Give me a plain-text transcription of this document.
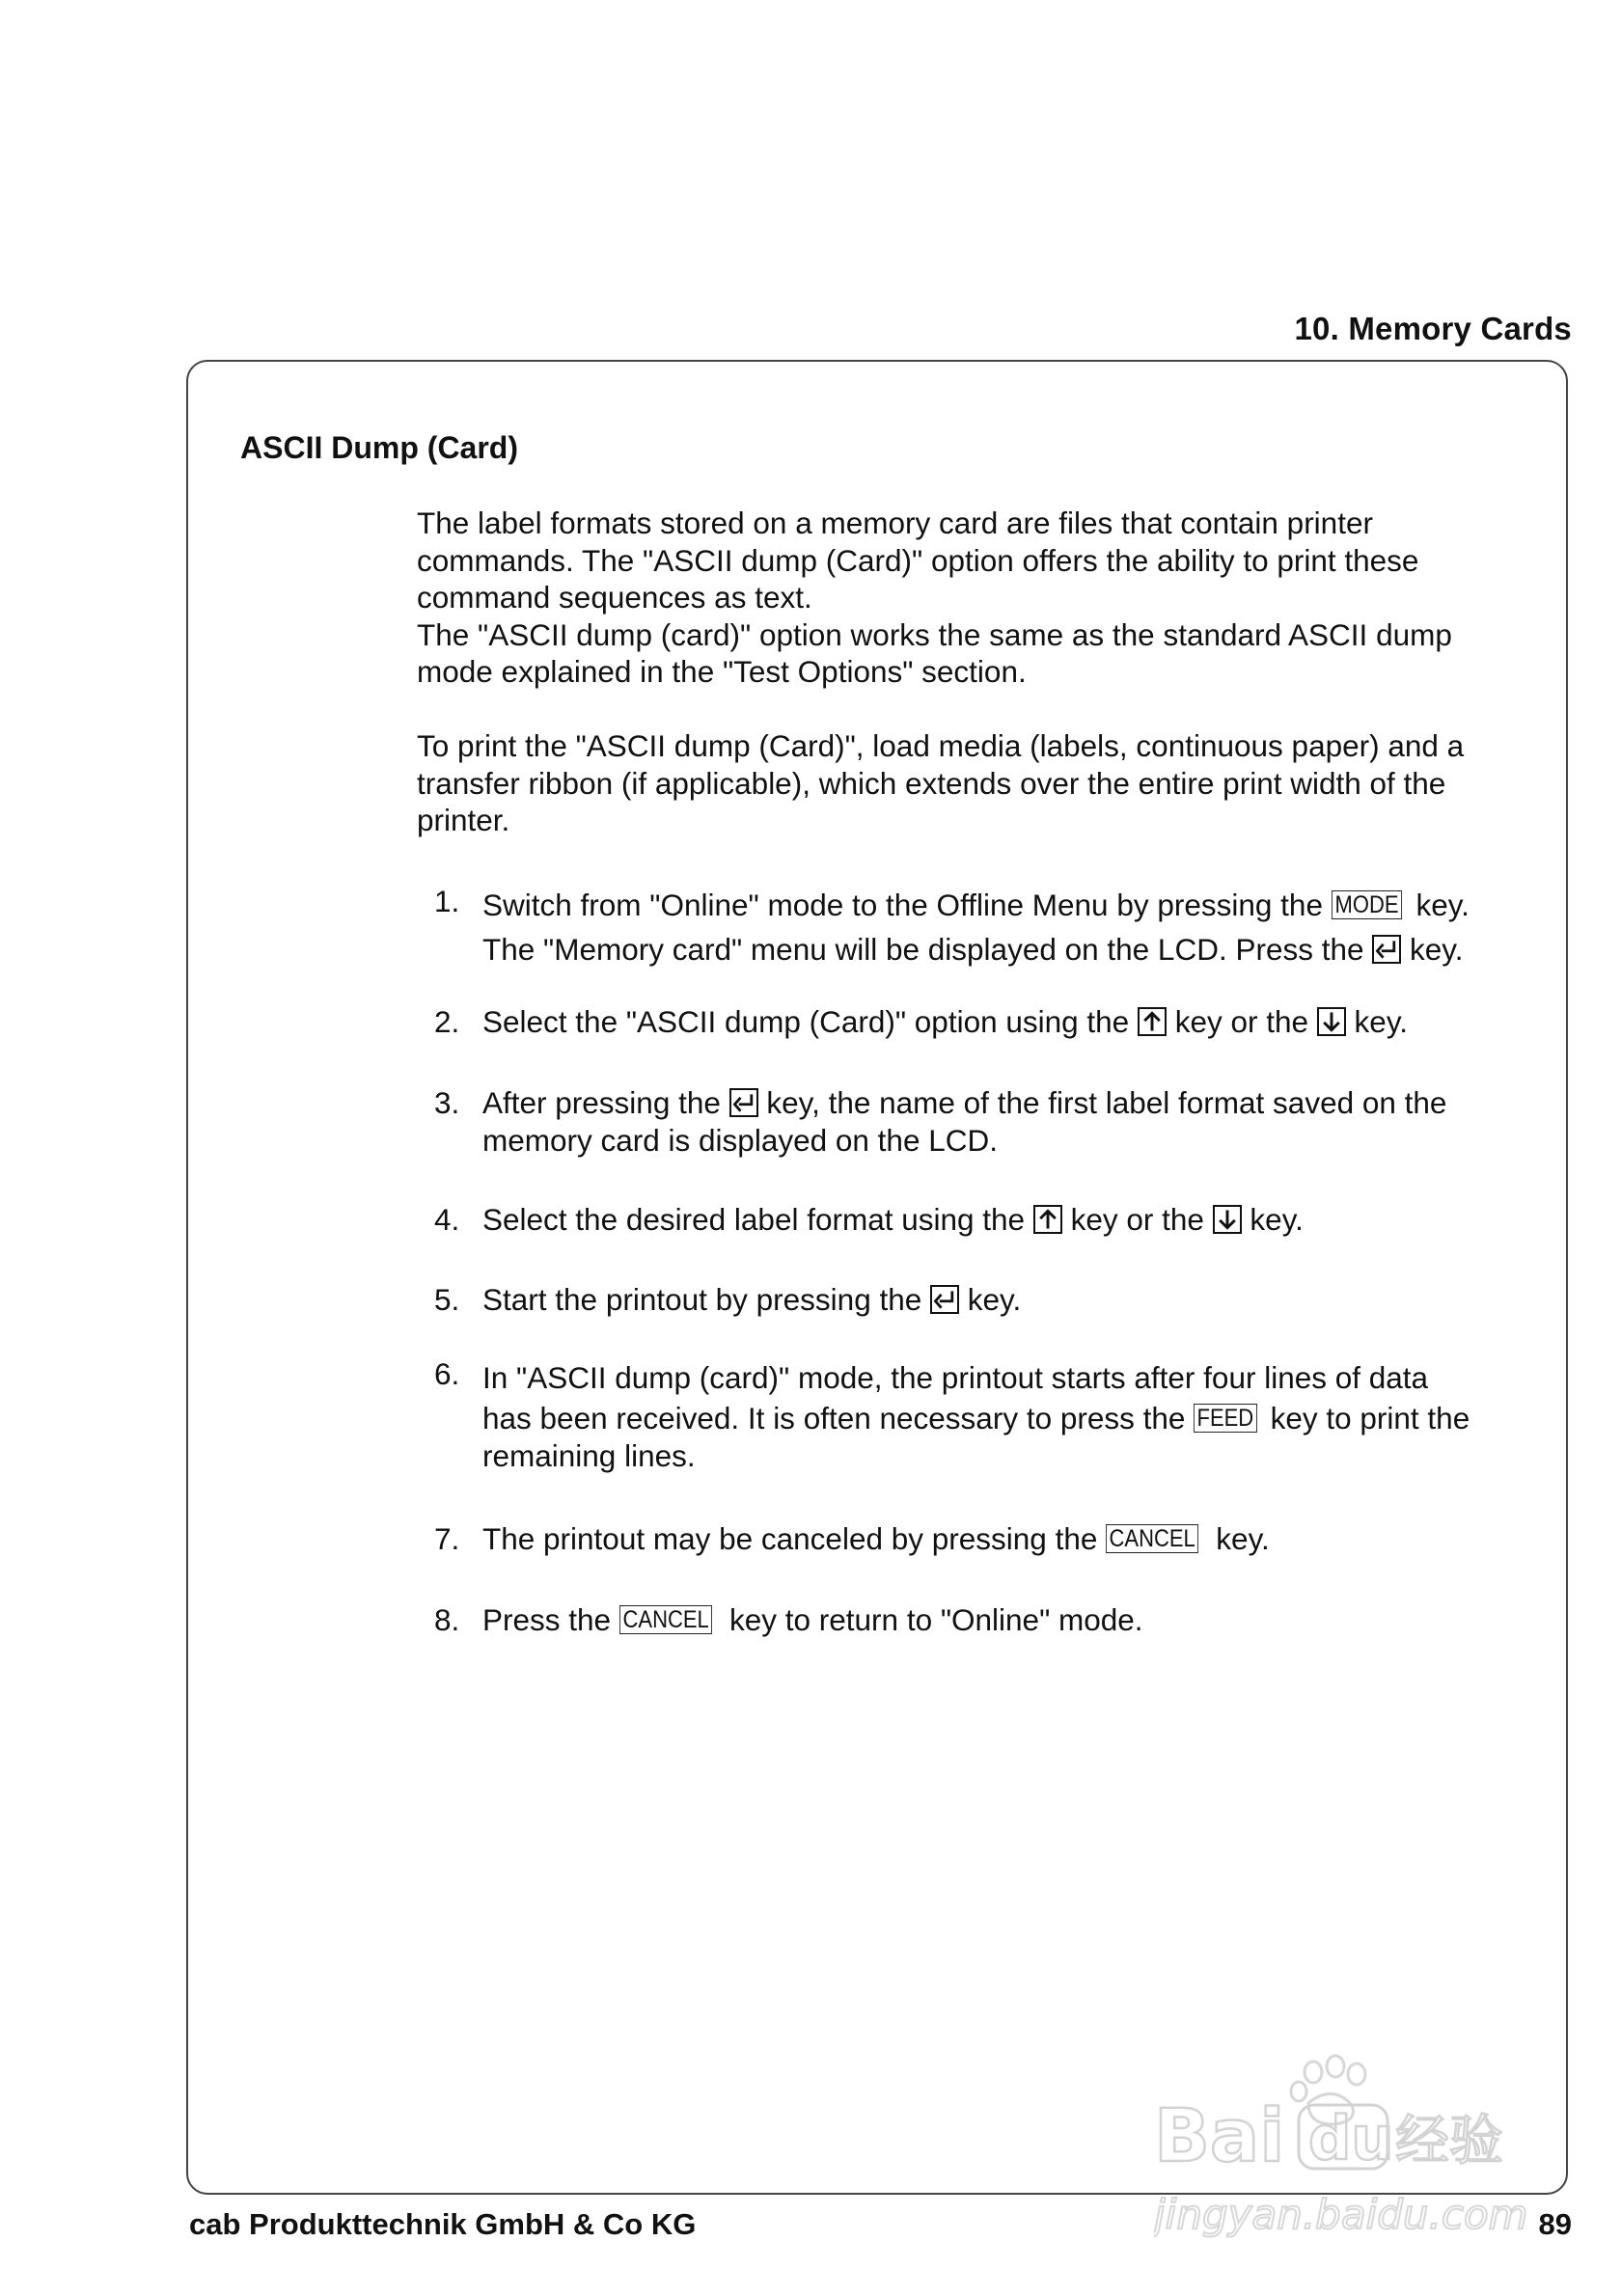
10. Memory Cards
ASCII Dump (Card)
The label formats stored on a memory card are files that contain printer
commands. The "ASCII dump (Card)" option offers the ability to print these
command sequences as text.
The "ASCII dump (card)" option works the same as the standard ASCII dump
mode explained in the "Test Options" section.
To print the "ASCII dump (Card)", load media (labels, continuous paper) and a
transfer ribbon (if applicable), which extends over the entire print width of the
printer.
1. Switch from "Online" mode to the Offline Menu by pressing the MODE key.
The "Memory card" menu will be displayed on the LCD. Press the
key.
2. Select the "ASCII dump (Card)" option using the
key or the
key.
3. After pressing the
key, the name of the first label format saved on the
memory card is displayed on the LCD.
4. Select the desired label format using the
key or the
key.
5. Start the printout by pressing the
key.
6. In "ASCII dump (card)" mode, the printout starts after four lines of data
has been received. It is often necessary to press the FEED key to print the
remaining lines.
7. The printout may be canceled by pressing the CANCEL key.
8. Press the CANCEL key to return to "Online" mode.
Bai du 经验
jingyan.baidu.com
cab Produkttechnik GmbH & Co KG	89
